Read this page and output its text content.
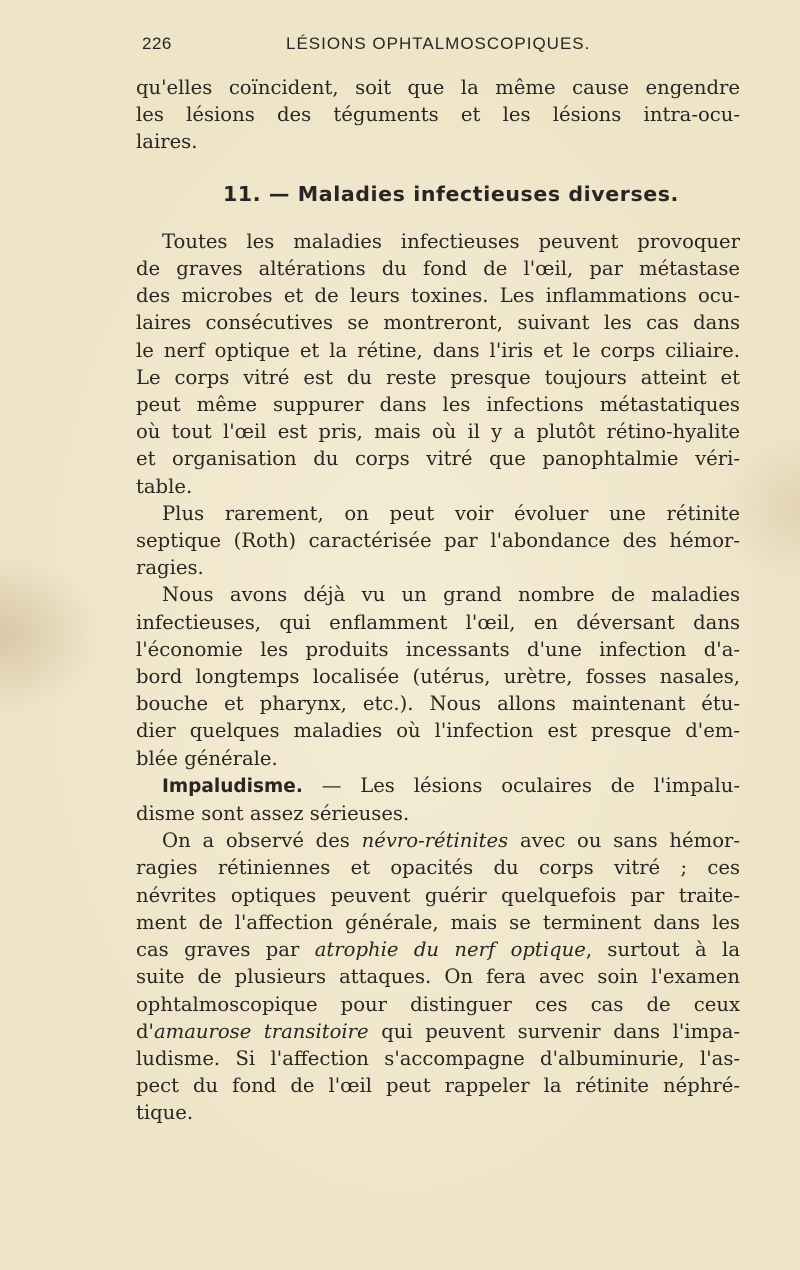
226	LÉSIONS OPHTALMOSCOPIQUES.

qu'elles coïncident, soit que la même cause engendre

les lésions des téguments et les lésions intra-ocu-

laires.

11. — Maladies infectieuses diverses.

Toutes les maladies infectieuses peuvent provoquer

de graves altérations du fond de l'œil, par métastase

des microbes et de leurs toxines. Les inflammations ocu-

laires consécutives se montreront, suivant les cas dans

le nerf optique et la rétine, dans l'iris et le corps ciliaire.

Le corps vitré est du reste presque toujours atteint et

peut même suppurer dans les infections métastatiques

où tout l'œil est pris, mais où il y a plutôt rétino-hyalite

et organisation du corps vitré que panophtalmie véri-

table.

Plus rarement, on peut voir évoluer une rétinite

septique (Roth) caractérisée par l'abondance des hémor-

ragies.

Nous avons déjà vu un grand nombre de maladies

infectieuses, qui enflamment l'œil, en déversant dans

l'économie les produits incessants d'une infection d'a-

bord longtemps localisée (utérus, urètre, fosses nasales,

bouche et pharynx, etc.). Nous allons maintenant étu-

dier quelques maladies où l'infection est presque d'em-

blée générale.

Impaludisme. — Les lésions oculaires de l'impalu-

disme sont assez sérieuses.

On a observé des névro-rétinites avec ou sans hémor-

ragies rétiniennes et opacités du corps vitré ; ces

névrites optiques peuvent guérir quelquefois par traite-

ment de l'affection générale, mais se terminent dans les

cas graves par atrophie du nerf optique, surtout à la

suite de plusieurs attaques. On fera avec soin l'examen

ophtalmoscopique pour distinguer ces cas de ceux

d'amaurose transitoire qui peuvent survenir dans l'impa-

ludisme. Si l'affection s'accompagne d'albuminurie, l'as-

pect du fond de l'œil peut rappeler la rétinite néphré-

tique.
